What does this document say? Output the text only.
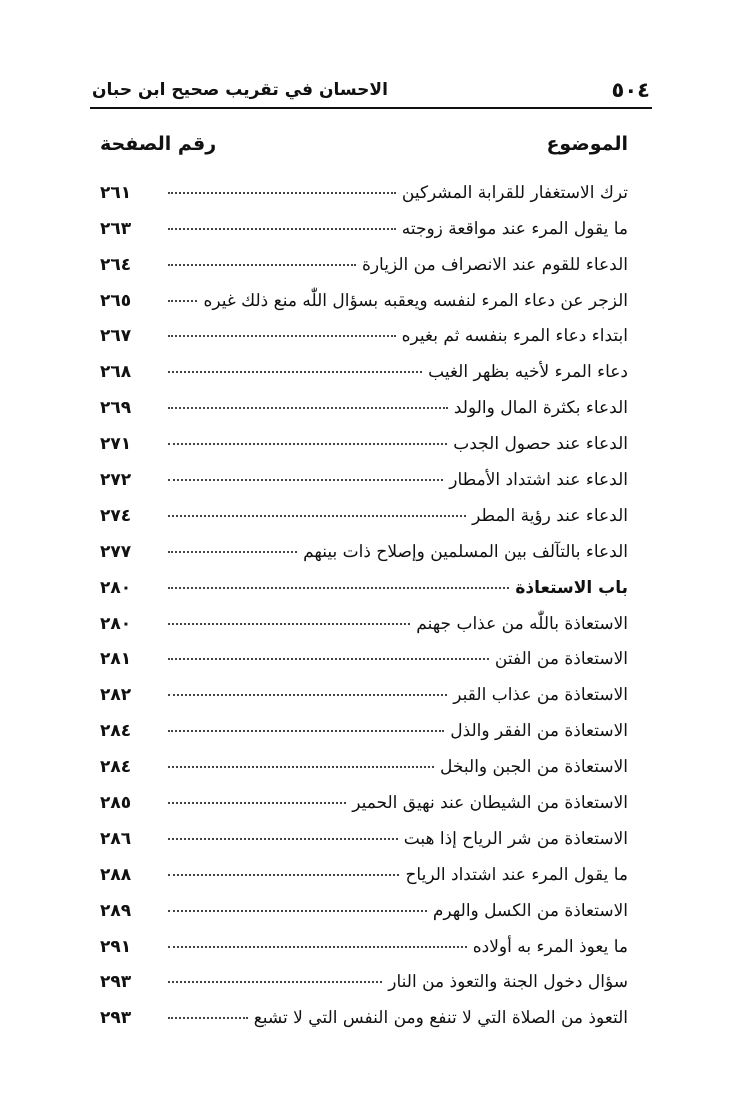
٥٠٤
الاحسان في تقريب صحيح ابن حبان
الموضوع
رقم الصفحة
ترك الاستغفار للقرابة المشركين
٢٦١
ما يقول المرء عند مواقعة زوجته
٢٦٣
الدعاء للقوم عند الانصراف من الزيارة
٢٦٤
الزجر عن دعاء المرء لنفسه ويعقبه بسؤال اللّٰه منع ذلك غيره
٢٦٥
ابتداء دعاء المرء بنفسه ثم بغيره
٢٦٧
دعاء المرء لأخيه بظهر الغيب
٢٦٨
الدعاء بكثرة المال والولد
٢٦٩
الدعاء عند حصول الجدب
٢٧١
الدعاء عند اشتداد الأمطار
٢٧٢
الدعاء عند رؤية المطر
٢٧٤
الدعاء بالتآلف بين المسلمين وإصلاح ذات بينهم
٢٧٧
باب الاستعاذة
٢٨٠
الاستعاذة باللّٰه من عذاب جهنم
٢٨٠
الاستعاذة من الفتن
٢٨١
الاستعاذة من عذاب القبر
٢٨٢
الاستعاذة من الفقر والذل
٢٨٤
الاستعاذة من الجبن والبخل
٢٨٤
الاستعاذة من الشيطان عند نهيق الحمير
٢٨٥
الاستعاذة من شر الرياح إذا هبت
٢٨٦
ما يقول المرء عند اشتداد الرياح
٢٨٨
الاستعاذة من الكسل والهرم
٢٨٩
ما يعوذ المرء به أولاده
٢٩١
سؤال دخول الجنة والتعوذ من النار
٢٩٣
التعوذ من الصلاة التي لا تنفع ومن النفس التي لا تشبع
٢٩٣
